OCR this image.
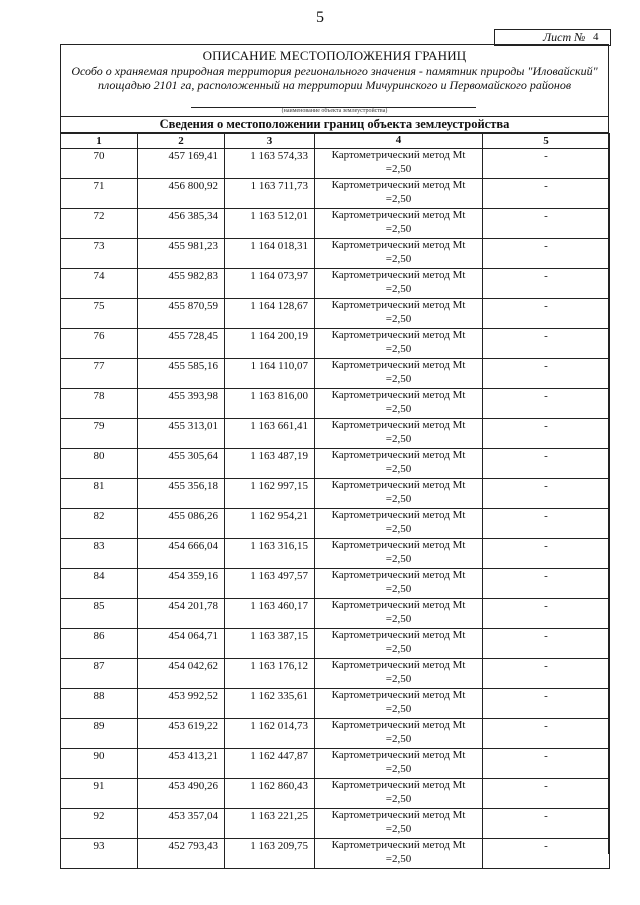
5
Лист № 4
ОПИСАНИЕ МЕСТОПОЛОЖЕНИЯ ГРАНИЦ
Особо о храняемая природная территория регионального значения - памятник природы "Иловайский" площадью 2101 га, расположенный на территории Мичуринского и Первомайского районов
(наименование объекта землеустройства)
Сведения о местоположении границ объекта землеустройства
1	2	3	4	5
70	457 169,41	1 163 574,33	Картометрический метод Mt
=2,50	-
71	456 800,92	1 163 711,73	Картометрический метод Mt
=2,50	-
72	456 385,34	1 163 512,01	Картометрический метод Mt
=2,50	-
73	455 981,23	1 164 018,31	Картометрический метод Mt
=2,50	-
74	455 982,83	1 164 073,97	Картометрический метод Mt
=2,50	-
75	455 870,59	1 164 128,67	Картометрический метод Mt
=2,50	-
76	455 728,45	1 164 200,19	Картометрический метод Mt
=2,50	-
77	455 585,16	1 164 110,07	Картометрический метод Mt
=2,50	-
78	455 393,98	1 163 816,00	Картометрический метод Mt
=2,50	-
79	455 313,01	1 163 661,41	Картометрический метод Mt
=2,50	-
80	455 305,64	1 163 487,19	Картометрический метод Mt
=2,50	-
81	455 356,18	1 162 997,15	Картометрический метод Mt
=2,50	-
82	455 086,26	1 162 954,21	Картометрический метод Mt
=2,50	-
83	454 666,04	1 163 316,15	Картометрический метод Mt
=2,50	-
84	454 359,16	1 163 497,57	Картометрический метод Mt
=2,50	-
85	454 201,78	1 163 460,17	Картометрический метод Mt
=2,50	-
86	454 064,71	1 163 387,15	Картометрический метод Mt
=2,50	-
87	454 042,62	1 163 176,12	Картометрический метод Mt
=2,50	-
88	453 992,52	1 162 335,61	Картометрический метод Mt
=2,50	-
89	453 619,22	1 162 014,73	Картометрический метод Mt
=2,50	-
90	453 413,21	1 162 447,87	Картометрический метод Mt
=2,50	-
91	453 490,26	1 162 860,43	Картометрический метод Mt
=2,50	-
92	453 357,04	1 163 221,25	Картометрический метод Mt
=2,50	-
93	452 793,43	1 163 209,75	Картометрический метод Mt
=2,50	-
